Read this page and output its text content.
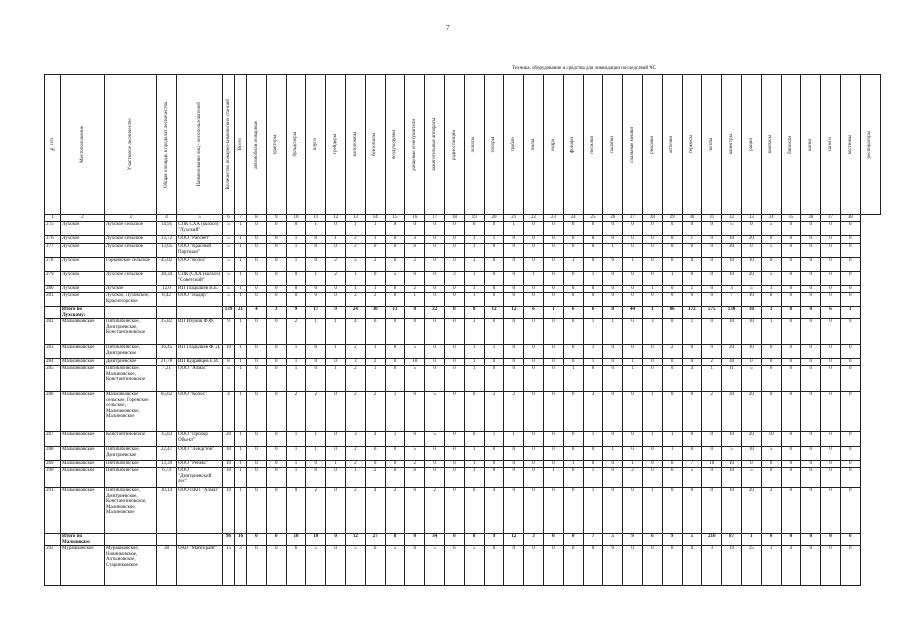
7
Техника, оборудование и средства для ликвидации последствий ЧС
№ п/п	Местоположение	Участковое лесничество	Общая площадь в пределах лесничества	Наименование лиц - лесопользователей	Количество пожарно-химических станций	Всего	автомобили пожарные	тракторы	бульдозеры	плуги	грейдеры	мотопомпы	бензопилы	воздуходувки	ранцевые огнетушители	зажигательные аппараты	радиостанции	лопаты	топоры	грабли	вилы	ведра	фонари	носилки	палатки	спальные мешки	рюкзаки	аптечки	термосы	котлы	канистры	рации	компасы	бинокли	каски	сапоги	костюмы	респираторы

1	2	3	4	5	6	7	8	9	10	11	12	13	14	15	16	17	18	19	20	21	22	23	24	25	26	27	28	29	30	31	32	33	34	35	36	37	38	
275	Лухское	Лухское сельское	14,95	СПК СХА (колхоз) "Лухский"	5	1	0	0	0	1	0	1	1	0	0	0	0	0	0	1	0	0	0	0	0	0	0	0	0	0	5	0	5	0	0	0	0	
276	Лухское	Лухское сельское	13,72	ООО "Рассвет"	5	1	0	0	1	0	1	2	1	0	3	0	0	1	1	0	0	0	0	0	0	0	0	0	1	0	10	20	0	0	0	0	0	
277	Лухское	Лухское сельское	13,05	ООО "Красный Партизан"	5	1	0	0	1	0	0	2	0	0	0	0	0	1	0	0	0	0	0	0	1	0	0	0	0	0	20	0	5	0	0	0	0	
278	Лухское	Горкинское сельское	45,02	ООО "Колос"	5	1	0	0	1	0	2	2	2	0	2	0	0	2	0	0	0	0	1	0	0	1	0	0	0	0	10	10	0	0	0	0	0	
279	Лухское	Лухское сельское	18,34	СПК (СХА (колхоз) "Советский"	5	1	0	0	0	1	2	1	0	5	0	0	3	1	0	0	1	0	0	1	0	0	0	1	0	0	10	20	5	0	0	0	0	
280	Лухское	Лухское	12,0	ИП Гладышев В.Е.	5	1	0	0	0	0	0	1	1	0	2	0	0	1	0	0	0	0	0	0	0	0	1	0	1	0	3	5	1	0	0	0	0	
281	Лухское	Лухское, Луховское, Красногорское	8,42	ООО "Надир"	5	1	0	0	0	0	0	2	2	0	1	0	0	1	0	0	0	0	0	0	0	0	0	0	0	0	7	10	8	0	0	0	0	
	Итого по Лухскому:				139	21	4	3	9	17	9	24	30	13	0	32	0	0	12	12	6	1	6	6	8	44	1	86	172	575	130	10	3	0	0	6	1	
282	Мальчиковское	Пятибабинское, Дмитриевское, Константиновское	15,82	ИП Изумов Ф.Ф.	9	1	0	0	2	1	1	4	0	0	0	0	0	3	0	0	0	0	0	1	1	0	3	0	1	0	10	10	1	0	0	0	0	
283	Мальчиковское	Пятибабинское, Дмитриевское	16,45	ИП Гладышев Ф. Д.	10	1	0	0	1	0	1	2	1	0	5	0	0	1	1	0	0	0	0	1	0	0	0	2	0	0	20	10	0	0	0	0	0	
284	Мальчиковское	Дмитриевское	21,78	ИП Кудрявцев Е.И.	8	1	0	0	1	0	0	3	2	0	10	0	0	1	0	0	0	0	0	1	0	1	0	0	0	2	30	0	0	0	0	0	0	
285	Мальчиковское	Пятибабинское, Малиновское, Константиновское	7,21	ООО "Алмас"	5	1	0	0	1	0	1	2	1	0	5	0	0	1	0	0	0	0	1	0	0	1	0	0	4	1	11	5	0	0	0	0	0	
286	Мальчиковское	Мальчиковское сельское, Горенское сельское, Мальчиковское, Малиновское	65,62	ООО "Колос"	4	1	0	0	2	2	0	2	2	1	0	5	0	0	2	2	0	0	0	3	0	0	1	0	0	2	30	20	0	0	0	0	0	
287	Мальчиковское	Константиновское	15,63	ООО "Прохор Обьект"	20	1	0	0	1	1	0	3	4	1	0	5	0	0	1	1	0	0	0	1	0	0	1	1	0	0	10	20	10	0	0	0	0	
288	Мальчиковское	Пятибабинское, Дмитриевское	22,47	ООО "Лендстон"	10	1	0	0	1	1	0	2	0	0	5	0	0	1	0	0	0	0	0	0	1	0	0	1	0	0	5	10	5	0	0	0	0	
289	Мальчиковское	Пятибабинское	13,39	ООО "Ренекс"	10	1	0	0	1	0	1	2	0	0	2	0	0	1	0	0	0	0	1	0	0	1	0	0	7	10	10	0	0	0	0	0	0	
290	Мальчиковское	Пятибабинское	6,74	ООО "Дмитриевский лес"	10	1	0	0	1	0	0	1	2	0	0	0	0	1	0	0	0	1	0	1	0	2	0	6	5	0	10	5	0	0	0	0	0	
291	Мальчиковское	Пятибабинское, Дмитриевское, Константиновское, Малиновское, Малиновское	30,14	ООО ПКП "Алмаз"	10	1	0	0	0	2	0	2	4	2	0	2	0	0	4	0	0	0	0	1	0	0	1	0	0	0	10	20	2	0	0	0	0	
	Итого по Мальчикам:				96	16	0	0	10	10	0	12	27	8	0	34	0	0	9	12	3	0	0	7	5	9	6	9	5	210	87	1	0	0	0	0	0	
292	Мурашковское	Мурашковское, Новинковское, Алтыновское, Старинковское	38	ОАО "Майскрайс"	15	3	0	6	6	5	0	5	6	5	0	5	6	5	0	0	0	0	0	0	0	0	0	0	0	3	19	25	3	4	0	0	0	
